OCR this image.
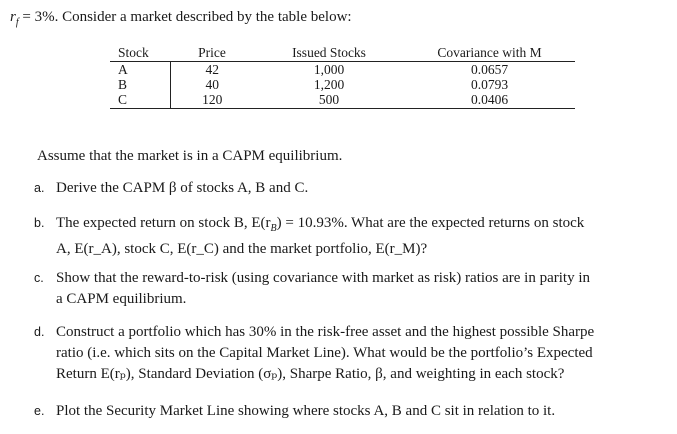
$r_f = 3\%$. Consider a market described by the table below:
Stock	Price	Issued Stocks	Covariance with M
A	42	1,000	0.0657
B	40	1,200	0.0793
C	120	500	0.0406
Assume that the market is in a CAPM equilibrium.
a. Derive the CAPM β of stocks A, B and C.
b. The expected return on stock B, $E(r_B) = 10.93\%$. What are the expected returns on stock
A, E(r_A), stock C, E(r_C) and the market portfolio, E(r_M)?
c. Show that the reward-to-risk (using covariance with market as risk) ratios are in parity in
a CAPM equilibrium.
d. Construct a portfolio which has 30% in the risk-free asset and the highest possible Sharpe
ratio (i.e. which sits on the Capital Market Line). What would be the portfolio’s Expected
Return E(rₚ), Standard Deviation (σₚ), Sharpe Ratio, β, and weighting in each stock?
e. Plot the Security Market Line showing where stocks A, B and C sit in relation to it.
